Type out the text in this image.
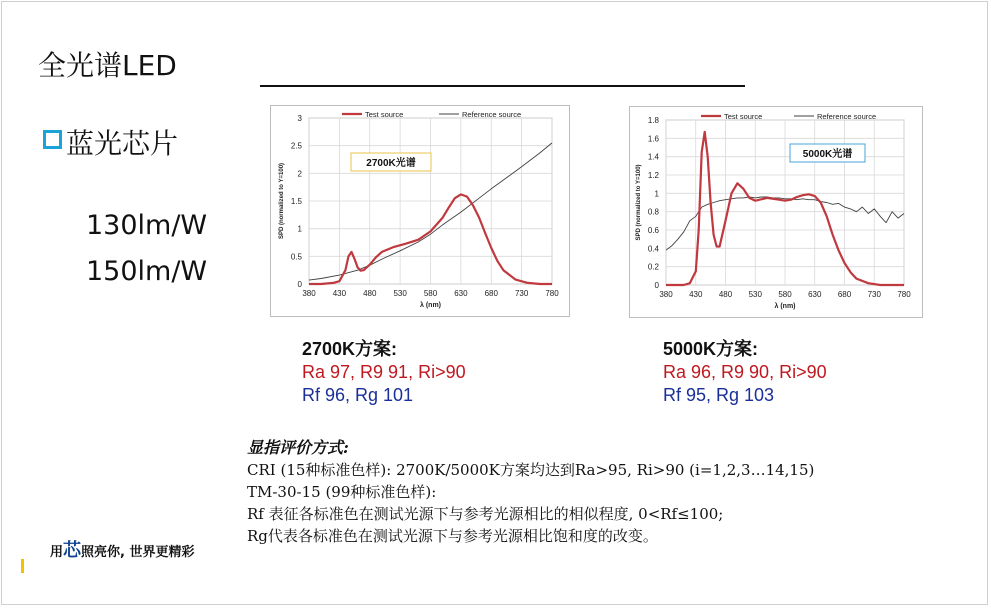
全光谱LED
蓝光芯片
130lm/W
150lm/W	0
0.5
1
1.5
2
2.5
3
380 430 480 530 580 630 680 730 780
λ (nm)
SPD (normalized to Y=100)
Test source	Reference source
2700K光谱
0
0.2
0.4
0.6
0.8
1
1.2
1.4
1.6
1.8
380 430 480 530 580 630 680 730 780
λ (nm)
SPD (normalized to Y=100)
Test source	Reference source
5000K光谱
2700K方案:
Ra 97, R9 91, Ri>90
Rf 96, Rg 101
5000K方案:
Ra 96, R9 90, Ri>90
Rf 95, Rg 103
显指评价方式:
CRI (15种标准色样): 2700K/5000K方案均达到Ra>95, Ri>90 (i=1,2,3…14,15)
TM-30-15 (99种标准色样):
Rf 表征各标准色在测试光源下与参考光源相比的相似程度, 0<Rf≤100;
Rg代表各标准色在测试光源下与参考光源相比饱和度的改变。
用芯照亮你, 世界更精彩
